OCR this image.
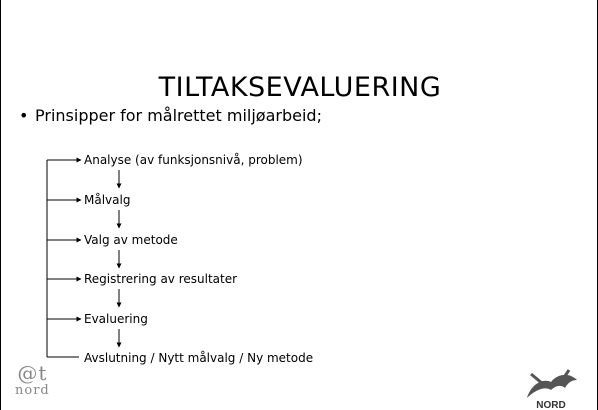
TILTAKSEVALUERING
• Prinsipper for målrettet miljøarbeid;
Analyse (av funksjonsnivå, problem)
Målvalg
Valg av metode
Registrering av resultater
Evaluering
Avslutning / Nytt målvalg / Ny metode
@t
nord
NORD
